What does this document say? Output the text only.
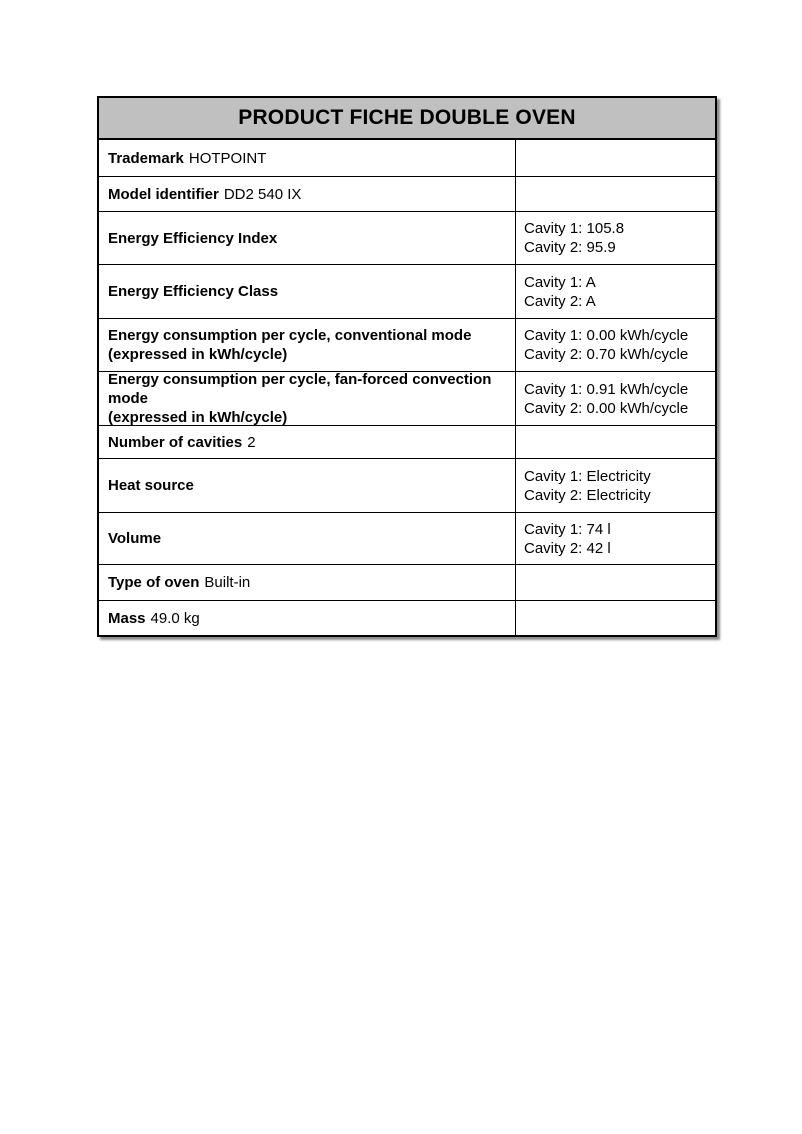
PRODUCT FICHE DOUBLE OVEN
Trademark HOTPOINT
Model identifier DD2 540 IX
Energy Efficiency Index
Cavity 1: 105.8
Cavity 2: 95.9
Energy Efficiency Class
Cavity 1: A
Cavity 2: A
Energy consumption per cycle, conventional mode
(expressed in kWh/cycle)
Cavity 1: 0.00 kWh/cycle
Cavity 2: 0.70 kWh/cycle
Energy consumption per cycle, fan-forced convection mode
(expressed in kWh/cycle)
Cavity 1: 0.91 kWh/cycle
Cavity 2: 0.00 kWh/cycle
Number of cavities 2
Heat source
Cavity 1: Electricity
Cavity 2: Electricity
Volume
Cavity 1: 74 l
Cavity 2: 42 l
Type of oven Built-in
Mass 49.0 kg
